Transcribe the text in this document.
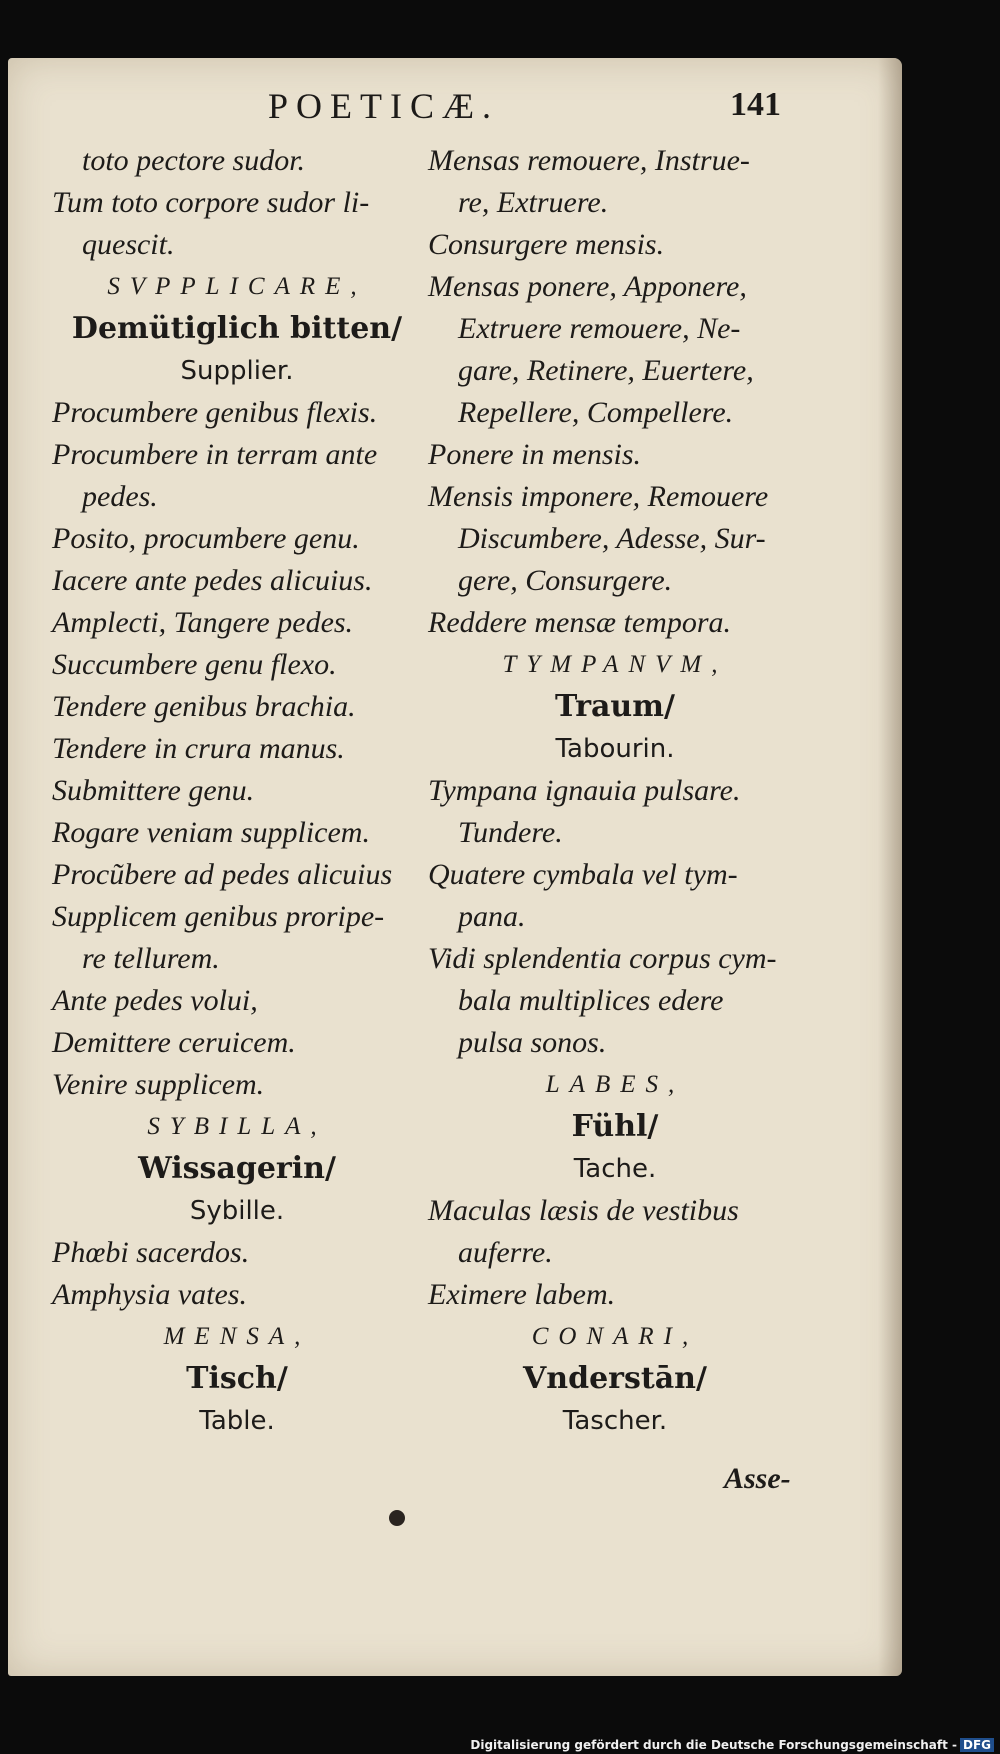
POETICÆ.	141
toto pectore sudor.
Tum toto corpore sudor li-
quescit.
SVPPLICARE,
Demütiglich bitten/
Supplier.
Procumbere genibus flexis.
Procumbere in terram ante
pedes.
Posito, procumbere genu.
Iacere ante pedes alicuius.
Amplecti, Tangere pedes.
Succumbere genu flexo.
Tendere genibus brachia.
Tendere in crura manus.
Submittere genu.
Rogare veniam supplicem.
Procũbere ad pedes alicuius
Supplicem genibus proripe-
re tellurem.
Ante pedes volui,
Demittere ceruicem.
Venire supplicem.
SYBILLA,
Wissagerin/
Sybille.
Phœbi sacerdos.
Amphysia vates.
MENSA,
Tisch/
Table.
Mensas remouere, Instrue-
re, Extruere.
Consurgere mensis.
Mensas ponere, Apponere,
Extruere remouere, Ne-
gare, Retinere, Euertere,
Repellere, Compellere.
Ponere in mensis.
Mensis imponere, Remouere
Discumbere, Adesse, Sur-
gere, Consurgere.
Reddere mensæ tempora.
TYMPANVM,
Traum/
Tabourin.
Tympana ignauia pulsare.
Tundere.
Quatere cymbala vel tym-
pana.
Vidi splendentia corpus cym-
bala multiplices edere
pulsa sonos.
LABES,
Fühl/
Tache.
Maculas læsis de vestibus
auferre.
Eximere labem.
CONARI,
Vnderstān/
Tascher.
Asse-
Digitalisierung gefördert durch die Deutsche Forschungsgemeinschaft - DFG
